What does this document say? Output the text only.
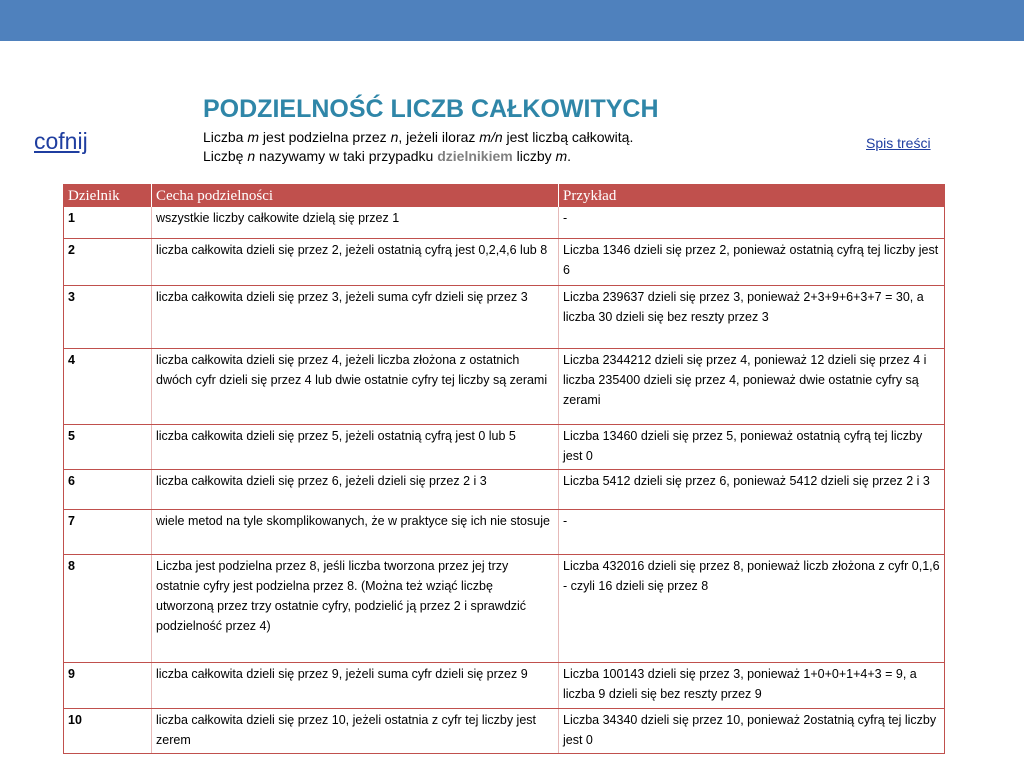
cofnij	Spis treści
PODZIELNOŚĆ LICZB CAŁKOWITYCH
Liczba m jest podzielna przez n, jeżeli iloraz m/n jest liczbą całkowitą.
Liczbę n nazywamy w taki przypadku dzielnikiem liczby m.
Dzielnik	Cecha podzielności	Przykład
1	wszystkie liczby całkowite dzielą się przez 1	-
2	liczba całkowita dzieli się przez 2, jeżeli ostatnią cyfrą jest 0,2,4,6 lub 8	Liczba 1346 dzieli się przez 2, ponieważ ostatnią cyfrą tej liczby jest 6
3	liczba całkowita dzieli się przez 3, jeżeli suma cyfr dzieli się przez 3	Liczba 239637 dzieli się przez 3, ponieważ 2+3+9+6+3+7 = 30, a liczba 30 dzieli się bez reszty przez 3
4	liczba całkowita dzieli się przez 4, jeżeli liczba złożona z ostatnich dwóch cyfr dzieli się przez 4 lub dwie ostatnie cyfry tej liczby są zerami	Liczba 2344212 dzieli się przez 4, ponieważ 12 dzieli się przez 4 i liczba 235400 dzieli się przez 4, ponieważ dwie ostatnie cyfry są zerami
5	liczba całkowita dzieli się przez 5, jeżeli ostatnią cyfrą jest 0 lub 5	Liczba 13460 dzieli się przez 5, ponieważ ostatnią cyfrą tej liczby jest 0
6	liczba całkowita dzieli się przez 6, jeżeli dzieli się przez 2 i 3	Liczba 5412 dzieli się przez 6, ponieważ 5412 dzieli się przez 2 i 3
7	wiele metod na tyle skomplikowanych, że w praktyce się ich nie stosuje	-
8	Liczba jest podzielna przez 8, jeśli liczba tworzona przez jej trzy ostatnie cyfry jest podzielna przez 8. (Można też wziąć liczbę utworzoną przez trzy ostatnie cyfry, podzielić ją przez 2 i sprawdzić podzielność przez 4)	Liczba 432016 dzieli się przez 8, ponieważ liczb złożona z cyfr 0,1,6 - czyli 16 dzieli się przez 8
9	liczba całkowita dzieli się przez 9, jeżeli suma cyfr dzieli się przez 9	Liczba 100143 dzieli się przez 3, ponieważ 1+0+0+1+4+3 = 9, a liczba 9 dzieli się bez reszty przez 9
10	liczba całkowita dzieli się przez 10, jeżeli ostatnia z cyfr tej liczby jest zerem	Liczba 34340 dzieli się przez 10, ponieważ 2ostatnią cyfrą tej liczby jest 0
